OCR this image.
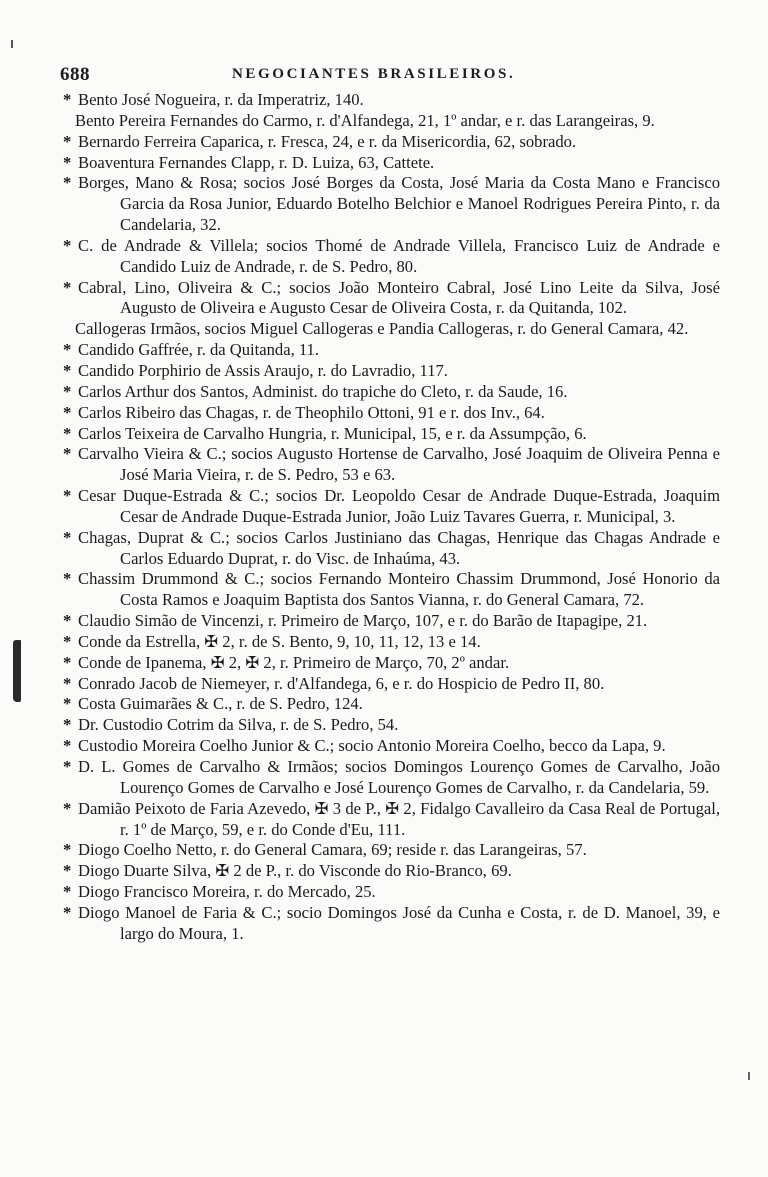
688	NEGOCIANTES BRASILEIROS.

* Bento José Nogueira, r. da Imperatriz, 140.

Bento Pereira Fernandes do Carmo, r. d'Alfandega, 21, 1º andar, e r. das Larangeiras, 9.

* Bernardo Ferreira Caparica, r. Fresca, 24, e r. da Misericordia, 62, sobrado.

* Boaventura Fernandes Clapp, r. D. Luiza, 63, Cattete.

* Borges, Mano & Rosa; socios José Borges da Costa, José Maria da Costa Mano e Francisco Garcia da Rosa Junior, Eduardo Botelho Belchior e Manoel Rodrigues Pereira Pinto, r. da Candelaria, 32.

* C. de Andrade & Villela; socios Thomé de Andrade Villela, Francisco Luiz de Andrade e Candido Luiz de Andrade, r. de S. Pedro, 80.

* Cabral, Lino, Oliveira & C.; socios João Monteiro Cabral, José Lino Leite da Silva, José Augusto de Oliveira e Augusto Cesar de Oliveira Costa, r. da Quitanda, 102.

Callogeras Irmãos, socios Miguel Callogeras e Pandia Callogeras, r. do General Camara, 42.

* Candido Gaffrée, r. da Quitanda, 11.

* Candido Porphirio de Assis Araujo, r. do Lavradio, 117.

* Carlos Arthur dos Santos, Administ. do trapiche do Cleto, r. da Saude, 16.

* Carlos Ribeiro das Chagas, r. de Theophilo Ottoni, 91 e r. dos Inv., 64.

* Carlos Teixeira de Carvalho Hungria, r. Municipal, 15, e r. da Assumpção, 6.

* Carvalho Vieira & C.; socios Augusto Hortense de Carvalho, José Joaquim de Oliveira Penna e José Maria Vieira, r. de S. Pedro, 53 e 63.

* Cesar Duque-Estrada & C.; socios Dr. Leopoldo Cesar de Andrade Duque-Estrada, Joaquim Cesar de Andrade Duque-Estrada Junior, João Luiz Tavares Guerra, r. Municipal, 3.

* Chagas, Duprat & C.; socios Carlos Justiniano das Chagas, Henrique das Chagas Andrade e Carlos Eduardo Duprat, r. do Visc. de Inhaúma, 43.

* Chassim Drummond & C.; socios Fernando Monteiro Chassim Drummond, José Honorio da Costa Ramos e Joaquim Baptista dos Santos Vianna, r. do General Camara, 72.

* Claudio Simão de Vincenzi, r. Primeiro de Março, 107, e r. do Barão de Itapagipe, 21.

* Conde da Estrella, ✠ 2, r. de S. Bento, 9, 10, 11, 12, 13 e 14.

* Conde de Ipanema, ✠ 2, ✠ 2, r. Primeiro de Março, 70, 2º andar.

* Conrado Jacob de Niemeyer, r. d'Alfandega, 6, e r. do Hospicio de Pedro II, 80.

* Costa Guimarães & C., r. de S. Pedro, 124.

* Dr. Custodio Cotrim da Silva, r. de S. Pedro, 54.

* Custodio Moreira Coelho Junior & C.; socio Antonio Moreira Coelho, becco da Lapa, 9.

* D. L. Gomes de Carvalho & Irmãos; socios Domingos Lourenço Gomes de Carvalho, João Lourenço Gomes de Carvalho e José Lourenço Gomes de Carvalho, r. da Candelaria, 59.

* Damião Peixoto de Faria Azevedo, ✠ 3 de P., ✠ 2, Fidalgo Cavalleiro da Casa Real de Portugal, r. 1º de Março, 59, e r. do Conde d'Eu, 111.

* Diogo Coelho Netto, r. do General Camara, 69; reside r. das Larangeiras, 57.

* Diogo Duarte Silva, ✠ 2 de P., r. do Visconde do Rio-Branco, 69.

* Diogo Francisco Moreira, r. do Mercado, 25.

* Diogo Manoel de Faria & C.; socio Domingos José da Cunha e Costa, r. de D. Manoel, 39, e largo do Moura, 1.
